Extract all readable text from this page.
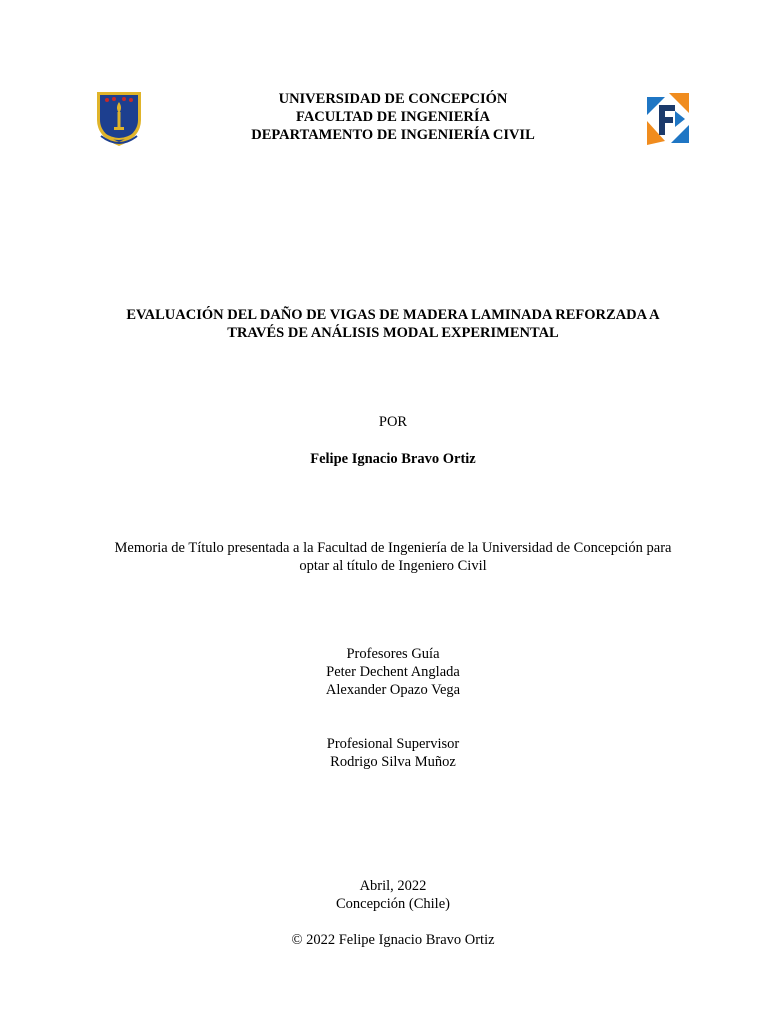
UNIVERSIDAD DE CONCEPCIÓN
FACULTAD DE INGENIERÍA
DEPARTAMENTO DE INGENIERÍA CIVIL
EVALUACIÓN DEL DAÑO DE VIGAS DE MADERA LAMINADA REFORZADA A
TRAVÉS DE ANÁLISIS MODAL EXPERIMENTAL
POR
Felipe Ignacio Bravo Ortiz
Memoria de Título presentada a la Facultad de Ingeniería de la Universidad de Concepción para
optar al título de Ingeniero Civil
Profesores Guía
Peter Dechent Anglada
Alexander Opazo Vega
Profesional Supervisor
Rodrigo Silva Muñoz
Abril, 2022
Concepción (Chile)
© 2022 Felipe Ignacio Bravo Ortiz
